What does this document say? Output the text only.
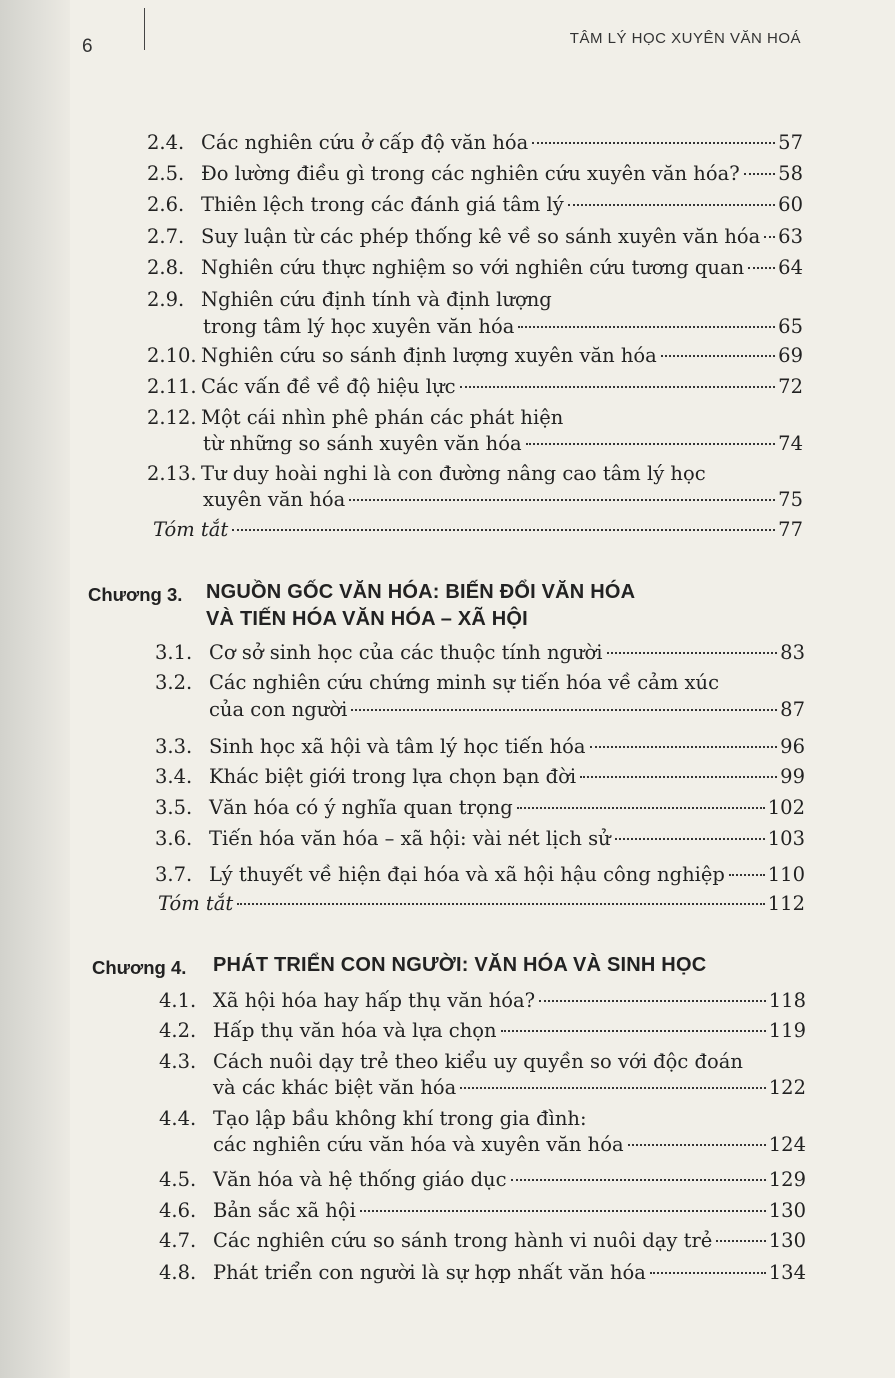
6	TÂM LÝ HỌC XUYÊN VĂN HOÁ
2.4. Các nghiên cứu ở cấp độ văn hóa	57
2.5. Đo lường điều gì trong các nghiên cứu xuyên văn hóa? 58
2.6. Thiên lệch trong các đánh giá tâm lý	60
2.7. Suy luận từ các phép thống kê về so sánh xuyên văn hóa 63
2.8. Nghiên cứu thực nghiệm so với nghiên cứu tương quan 64
2.9. Nghiên cứu định tính và định lượng
trong tâm lý học xuyên văn hóa	65
2.10. Nghiên cứu so sánh định lượng xuyên văn hóa	69
2.11. Các vấn đề về độ hiệu lực	72
2.12. Một cái nhìn phê phán các phát hiện
từ những so sánh xuyên văn hóa	74
2.13. Tư duy hoài nghi là con đường nâng cao tâm lý học
xuyên văn hóa	75
Tóm tắt	77
Chương 3. NGUỒN GỐC VĂN HÓA: BIẾN ĐỔI VĂN HÓA
VÀ TIẾN HÓA VĂN HÓA – XÃ HỘI
3.1. Cơ sở sinh học của các thuộc tính người	83
3.2. Các nghiên cứu chứng minh sự tiến hóa về cảm xúc
của con người	87
3.3. Sinh học xã hội và tâm lý học tiến hóa	96
3.4. Khác biệt giới trong lựa chọn bạn đời	99
3.5. Văn hóa có ý nghĩa quan trọng	102
3.6. Tiến hóa văn hóa – xã hội: vài nét lịch sử	103
3.7. Lý thuyết về hiện đại hóa và xã hội hậu công nghiệp 110
Tóm tắt	112
Chương 4. PHÁT TRIỂN CON NGƯỜI: VĂN HÓA VÀ SINH HỌC
4.1. Xã hội hóa hay hấp thụ văn hóa?	118
4.2. Hấp thụ văn hóa và lựa chọn	119
4.3. Cách nuôi dạy trẻ theo kiểu uy quyền so với độc đoán
và các khác biệt văn hóa	122
4.4. Tạo lập bầu không khí trong gia đình:
các nghiên cứu văn hóa và xuyên văn hóa	124
4.5. Văn hóa và hệ thống giáo dục	129
4.6. Bản sắc xã hội	130
4.7. Các nghiên cứu so sánh trong hành vi nuôi dạy trẻ	130
4.8. Phát triển con người là sự hợp nhất văn hóa	134
